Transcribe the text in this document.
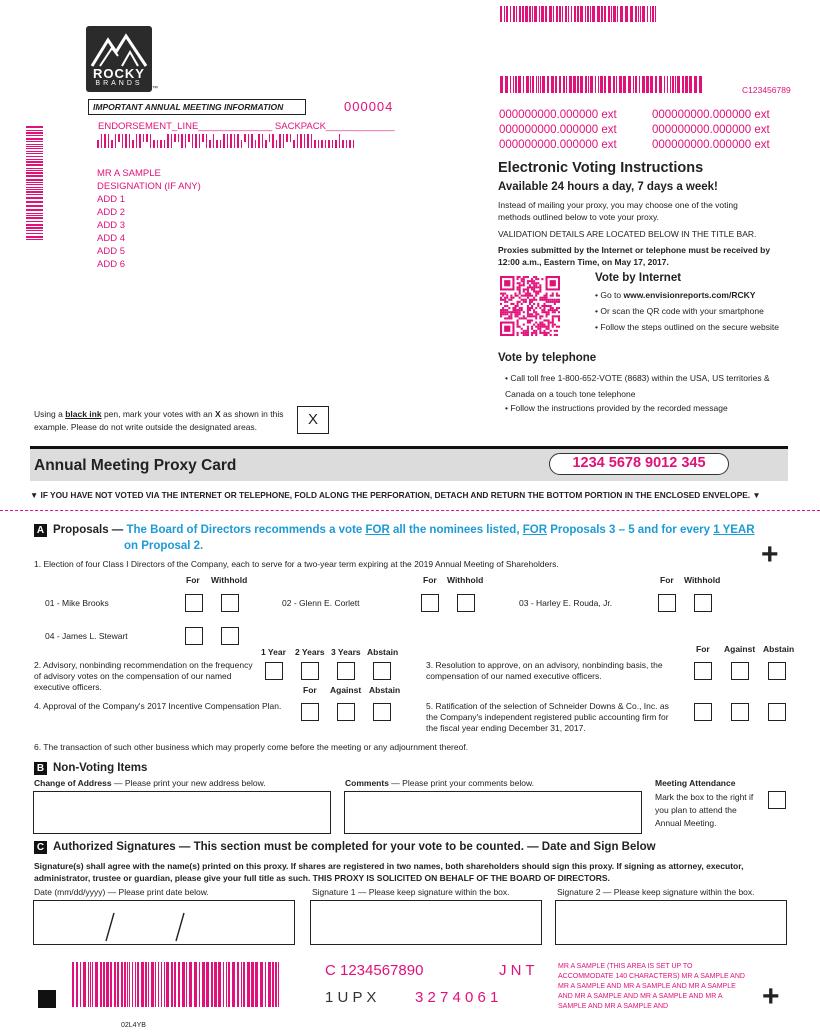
ROCKY
BRANDS
™
IMPORTANT ANNUAL MEETING INFORMATION	000004
ENDORSEMENT_LINE______________ SACKPACK_____________
MR A SAMPLE
DESIGNATION (IF ANY)
ADD 1
ADD 2
ADD 3
ADD 4
ADD 5
ADD 6
C123456789
000000000.000000 ext
000000000.000000 ext
000000000.000000 ext
000000000.000000 ext
000000000.000000 ext
000000000.000000 ext
Electronic Voting Instructions
Available 24 hours a day, 7 days a week!
Instead of mailing your proxy, you may choose one of the voting methods outlined below to vote your proxy.
VALIDATION DETAILS ARE LOCATED BELOW IN THE TITLE BAR.
Proxies submitted by the Internet or telephone must be received by 12:00 a.m., Eastern Time, on May 17, 2017.
Vote by Internet
• Go to www.envisionreports.com/RCKY
• Or scan the QR code with your smartphone
• Follow the steps outlined on the secure website
Vote by telephone
• Call toll free 1-800-652-VOTE (8683) within the USA, US territories & Canada on a touch tone telephone
• Follow the instructions provided by the recorded message
Using a black ink pen, mark your votes with an X as shown in this example. Please do not write outside the designated areas.	X
Annual Meeting Proxy Card	1234 5678 9012 345
▼ IF YOU HAVE NOT VOTED VIA THE INTERNET OR TELEPHONE, FOLD ALONG THE PERFORATION, DETACH AND RETURN THE BOTTOM PORTION IN THE ENCLOSED ENVELOPE. ▼
A Proposals — The Board of Directors recommends a vote FOR all the nominees listed, FOR Proposals 3 – 5 and for every 1 YEAR
on Proposal 2.	+
1. Election of four Class I Directors of the Company, each to serve for a two-year term expiring at the 2019 Annual Meeting of Shareholders.
For Withhold	For Withhold	For Withhold
01 - Mike Brooks	02 - Glenn E. Corlett	03 - Harley E. Rouda, Jr.
04 - James L. Stewart
1 Year 2 Years 3 Years Abstain
2. Advisory, nonbinding recommendation on the frequency of advisory votes on the compensation of our named executive officers.
For Against Abstain
3. Resolution to approve, on an advisory, nonbinding basis, the compensation of our named executive officers.
For Against Abstain
4. Approval of the Company's 2017 Incentive Compensation Plan.	5. Ratification of the selection of Schneider Downs & Co., Inc. as the Company's independent registered public accounting firm for the fiscal year ending December 31, 2017.
6. The transaction of such other business which may properly come before the meeting or any adjournment thereof.
B Non-Voting Items
Change of Address — Please print your new address below.	Comments — Please print your comments below.	Meeting Attendance
Mark the box to the right if you plan to attend the Annual Meeting.
C Authorized Signatures — This section must be completed for your vote to be counted. — Date and Sign Below
Signature(s) shall agree with the name(s) printed on this proxy. If shares are registered in two names, both shareholders should sign this proxy. If signing as attorney, executor, administrator, trustee or guardian, please give your full title as such. THIS PROXY IS SOLICITED ON BEHALF OF THE BOARD OF DIRECTORS.
Date (mm/dd/yyyy) — Please print date below.	Signature 1 — Please keep signature within the box.	Signature 2 — Please keep signature within the box.
C 1234567890	J N T
1 U P X	3 2 7 4 0 6 1
MR A SAMPLE (THIS AREA IS SET UP TO ACCOMMODATE 140 CHARACTERS) MR A SAMPLE AND MR A SAMPLE AND MR A SAMPLE AND MR A SAMPLE AND MR A SAMPLE AND MR A SAMPLE AND MR A SAMPLE AND MR A SAMPLE AND	+
02L4YB
